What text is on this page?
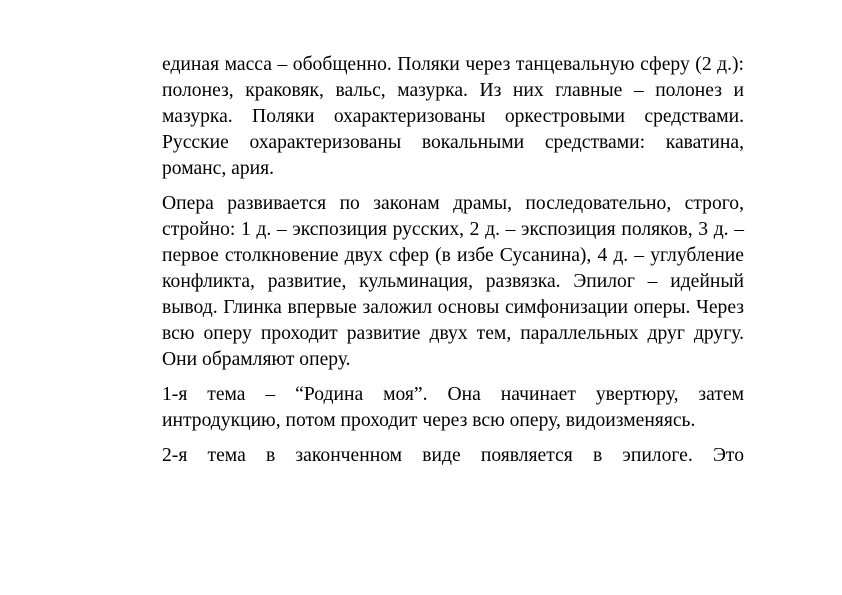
единая масса – обобщенно. Поляки через танцевальную сферу (2 д.): полонез, краковяк, вальс, мазурка. Из них главные – полонез и мазурка. Поляки охарактеризованы оркестровыми средствами. Русские охарактеризованы вокальными средствами: каватина, романс, ария.

Опера развивается по законам драмы, последовательно, строго, стройно: 1 д. – экспозиция русских, 2 д. – экспозиция поляков, 3 д. – первое столкновение двух сфер (в избе Сусанина), 4 д. – углубление конфликта, развитие, кульминация, развязка. Эпилог – идейный вывод. Глинка впервые заложил основы симфонизации оперы. Через всю оперу проходит развитие двух тем, параллельных друг другу. Они обрамляют оперу.

1-я тема – “Родина моя”. Она начинает увертюру, затем интродукцию, потом проходит через всю оперу, видоизменяясь.

2-я тема в законченном виде появляется в эпилоге. Это
